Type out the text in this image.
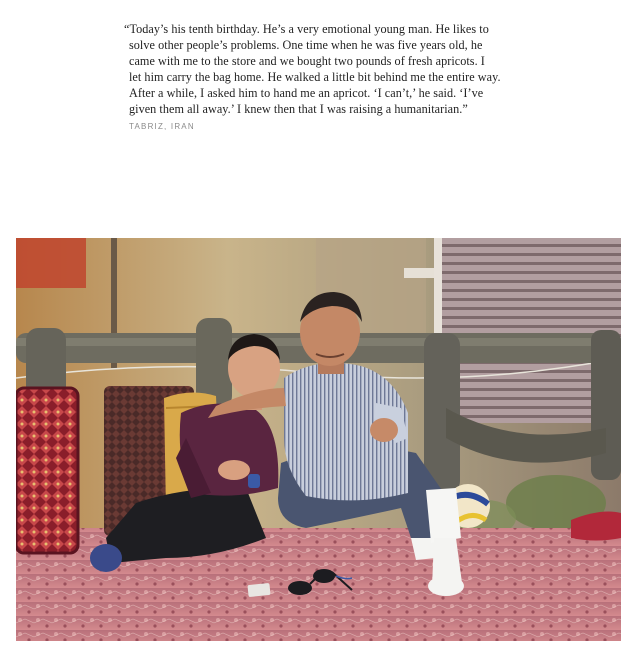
“Today’s his tenth birthday. He’s a very emotional young man. He likes to
solve other people’s problems. One time when he was five years old, he
came with me to the store and we bought two pounds of fresh apricots. I
let him carry the bag home. He walked a little bit behind me the entire way.
After a while, I asked him to hand me an apricot. ‘I can’t,’ he said. ‘I’ve
given them all away.’ I knew then that I was raising a humanitarian.”

TABRIZ, IRAN
